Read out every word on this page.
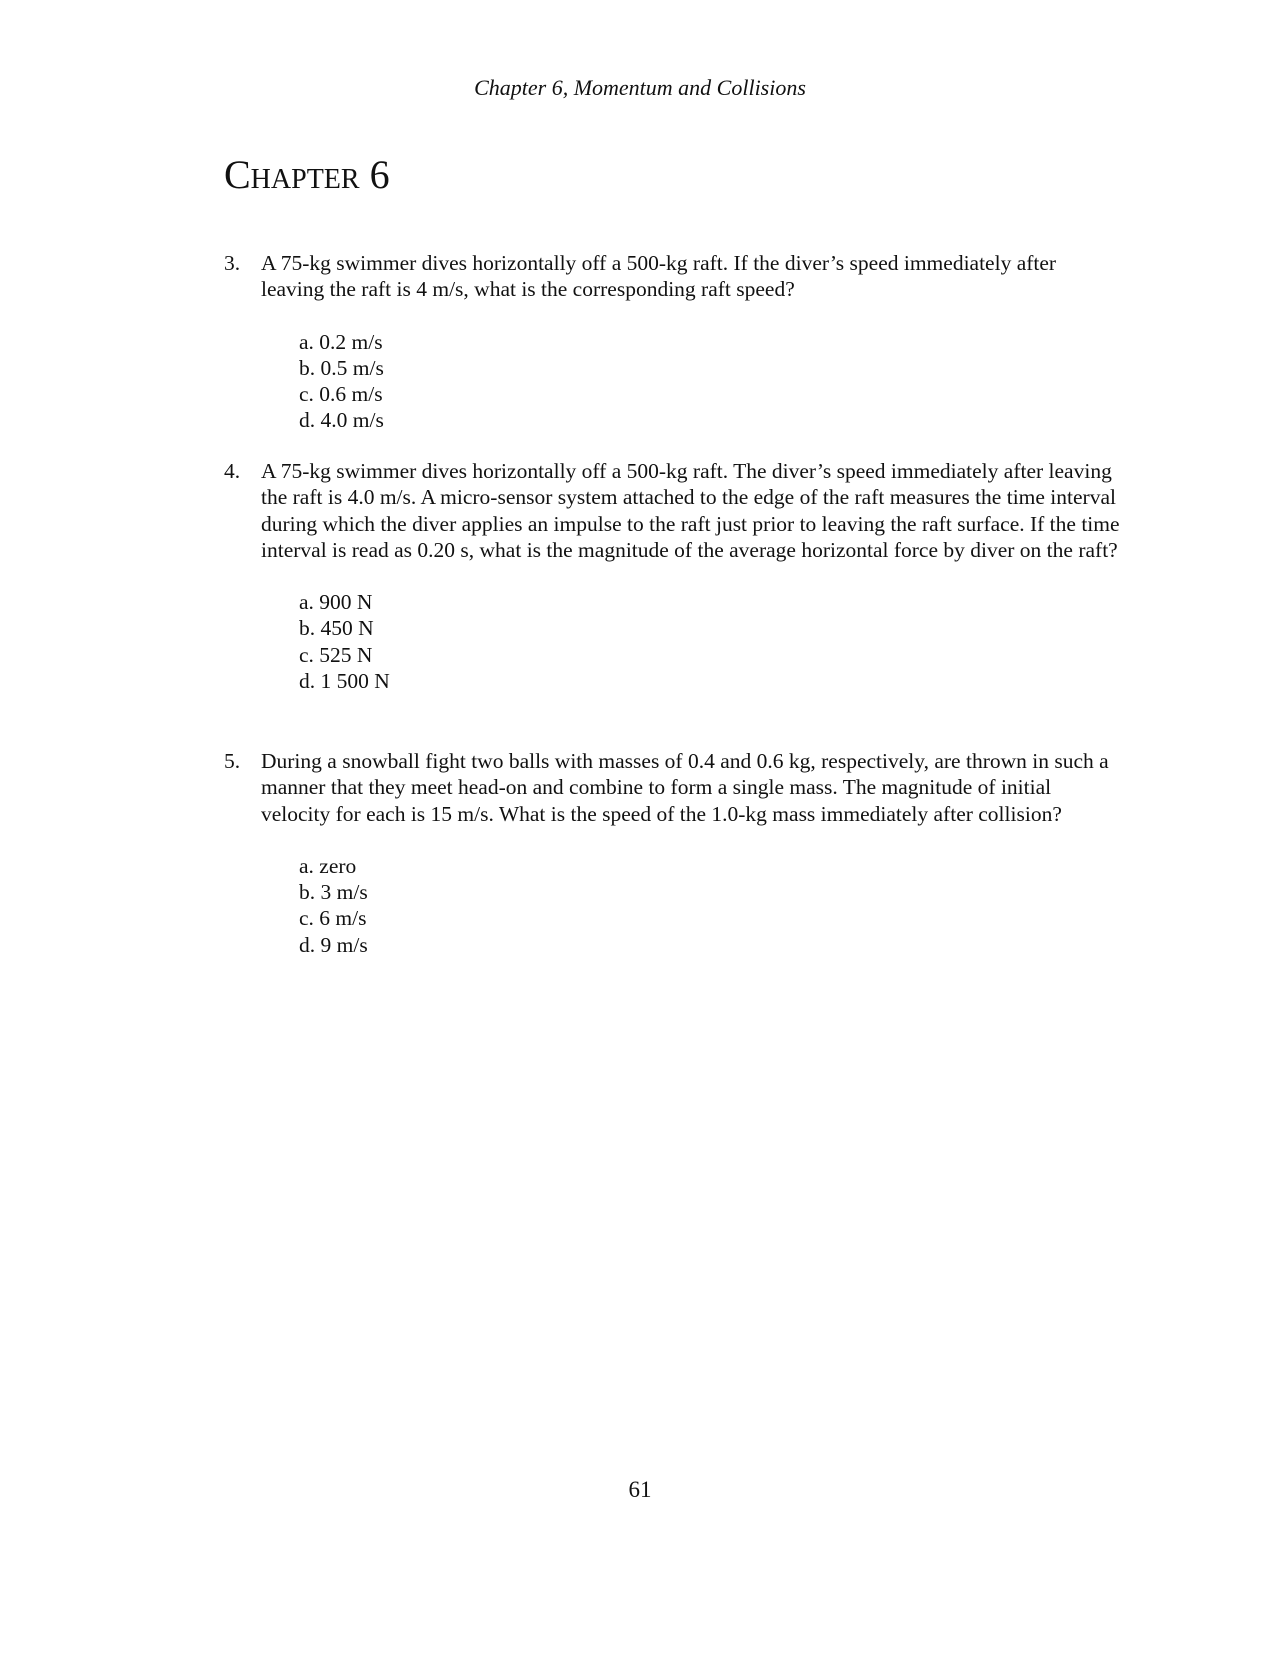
Chapter 6, Momentum and Collisions
Chapter 6
3. A 75-kg swimmer dives horizontally off a 500-kg raft. If the diver’s speed immediately after leaving the raft is 4 m/s, what is the corresponding raft speed?
a. 0.2 m/s
b. 0.5 m/s
c. 0.6 m/s
d. 4.0 m/s
4. A 75-kg swimmer dives horizontally off a 500-kg raft. The diver’s speed immediately after leaving the raft is 4.0 m/s. A micro-sensor system attached to the edge of the raft measures the time interval during which the diver applies an impulse to the raft just prior to leaving the raft surface. If the time interval is read as 0.20 s, what is the magnitude of the average horizontal force by diver on the raft?
a. 900 N
b. 450 N
c. 525 N
d. 1 500 N
5. During a snowball fight two balls with masses of 0.4 and 0.6 kg, respectively, are thrown in such a manner that they meet head-on and combine to form a single mass. The magnitude of initial velocity for each is 15 m/s. What is the speed of the 1.0-kg mass immediately after collision?
a. zero
b. 3 m/s
c. 6 m/s
d. 9 m/s
61
